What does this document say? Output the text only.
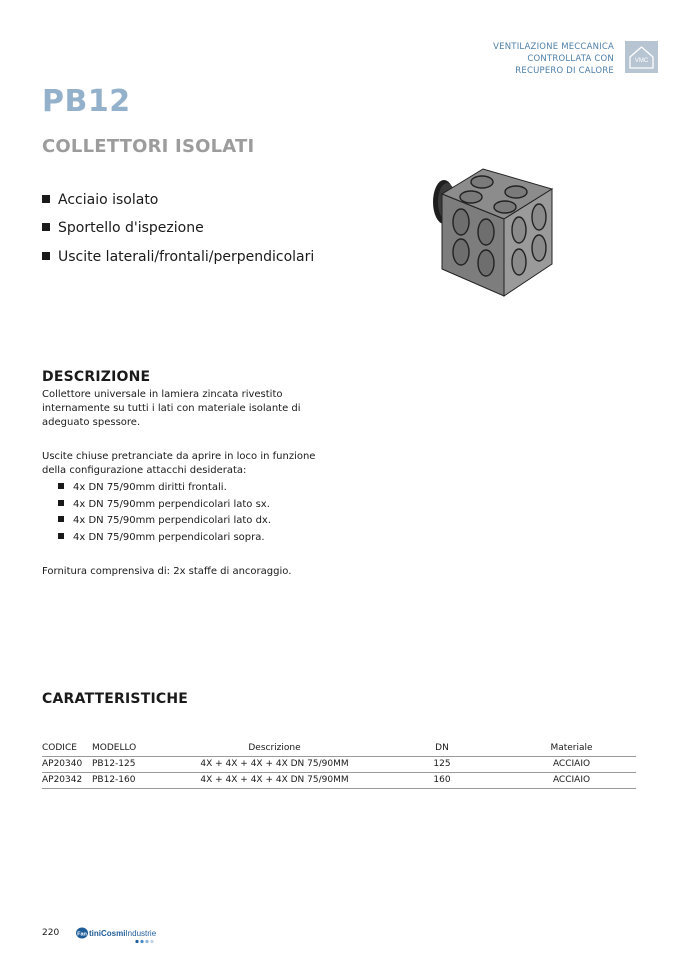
VENTILAZIONE MECCANICA
CONTROLLATA CON
RECUPERO DI CALORE
VMC
PB12
COLLETTORI ISOLATI
Acciaio isolato
Sportello d'ispezione
Uscite laterali/frontali/perpendicolari
DESCRIZIONE

Collettore universale in lamiera zincata rivestito internamente su tutti i lati con materiale isolante di adeguato spessore.

Uscite chiuse pretranciate da aprire in loco in funzione della configurazione attacchi desiderata:

4x DN 75/90mm diritti frontali.
4x DN 75/90mm perpendicolari lato sx.
4x DN 75/90mm perpendicolari lato dx.
4x DN 75/90mm perpendicolari sopra.

Fornitura comprensiva di: 2x staffe di ancoraggio.

CARATTERISTICHE
CODICE	MODELLO	Descrizione	DN	Materiale
AP20340	PB12-125	4X + 4X + 4X + 4X DN 75/90MM	125	ACCIAIO
AP20342	PB12-160	4X + 4X + 4X + 4X DN 75/90MM	160	ACCIAIO
220	Fan tiniCosmiIndustrie
